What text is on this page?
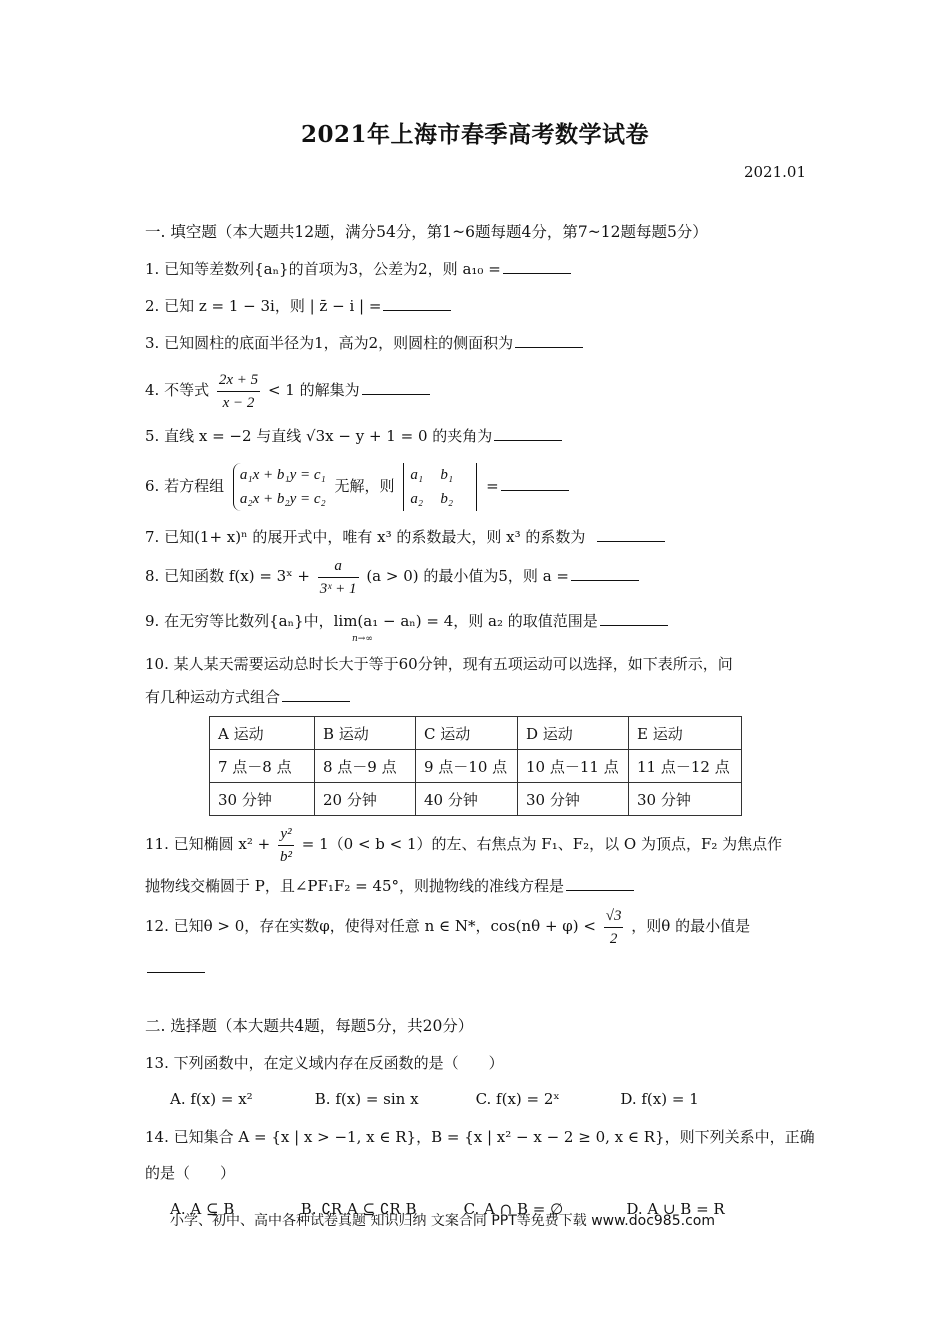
2021年上海市春季高考数学试卷
2021.01
一. 填空题（本大题共12题，满分54分，第1~6题每题4分，第7~12题每题5分）
1. 已知等差数列{aₙ}的首项为3，公差为2，则 a₁₀ =
2. 已知 z = 1 − 3i，则 | z̄ − i | =
3. 已知圆柱的底面半径为1，高为2，则圆柱的侧面积为
4. 不等式 $\frac{2x + 5}{x - 2} < 1$ 的解集为
5. 直线 x = −2 与直线 √3x − y + 1 = 0 的夹角为
6. 若方程组 a₁x + b₁y = c₁
a₂x + b₂y = c₂ 无解，则 a₁ b₁
a₂ b₂ =
7. 已知(1+ x)ⁿ 的展开式中，唯有 x³ 的系数最大，则 x³ 的系数为
8. 已知函数 f(x) = 3ˣ + $\frac{a}{\text{3ˣ + 1}} (a > 0)$ 的最小值为5，则 a =
9. 在无穷等比数列{aₙ}中，lim(a₁ − aₙ) = 4，则 a₂ 的取值范围是
n→∞
10. 某人某天需要运动总时长大于等于60分钟，现有五项运动可以选择，如下表所示，问
有几种运动方式组合
A 运动	B 运动	C 运动	D 运动	E 运动
7 点－8 点	8 点－9 点	9 点－10 点	10 点－11 点	11 点－12 点
30 分钟	20 分钟	40 分钟	30 分钟	30 分钟
11. 已知椭圆 $x^2 + \frac{\text{y²}}{\text{b²}} = 1(0 < b < 1)$的左、右焦点为 F₁、F₂，以 O 为顶点，F₂ 为焦点作
抛物线交椭圆于 P，且∠PF₁F₂ = 45°，则抛物线的准线方程是
12. 已知θ > 0，存在实数φ，使得对任意 n ∈ N*，$\cos(n\theta + \varphi) < \frac{√3}{2}$ ，则θ 的最小值是
二. 选择题（本大题共4题，每题5分，共20分）
13. 下列函数中，在定义域内存在反函数的是（　　）
A. f(x) = x²	B. f(x) = sin x	C. f(x) = 2ˣ	D. f(x) = 1
14. 已知集合 A = {x | x > −1, x ∈ R}，B = {x | x² − x − 2 ≥ 0, x ∈ R}，则下列关系中，正确
的是（　　）
A. A ⊆ B	B. ∁R A ⊆ ∁R B	C. A ∩ B = ∅	D. A ∪ B = R
小学、初中、高中各种试卷真题 知识归纳 文案合同 PPT等免费下载 www.doc985.com
